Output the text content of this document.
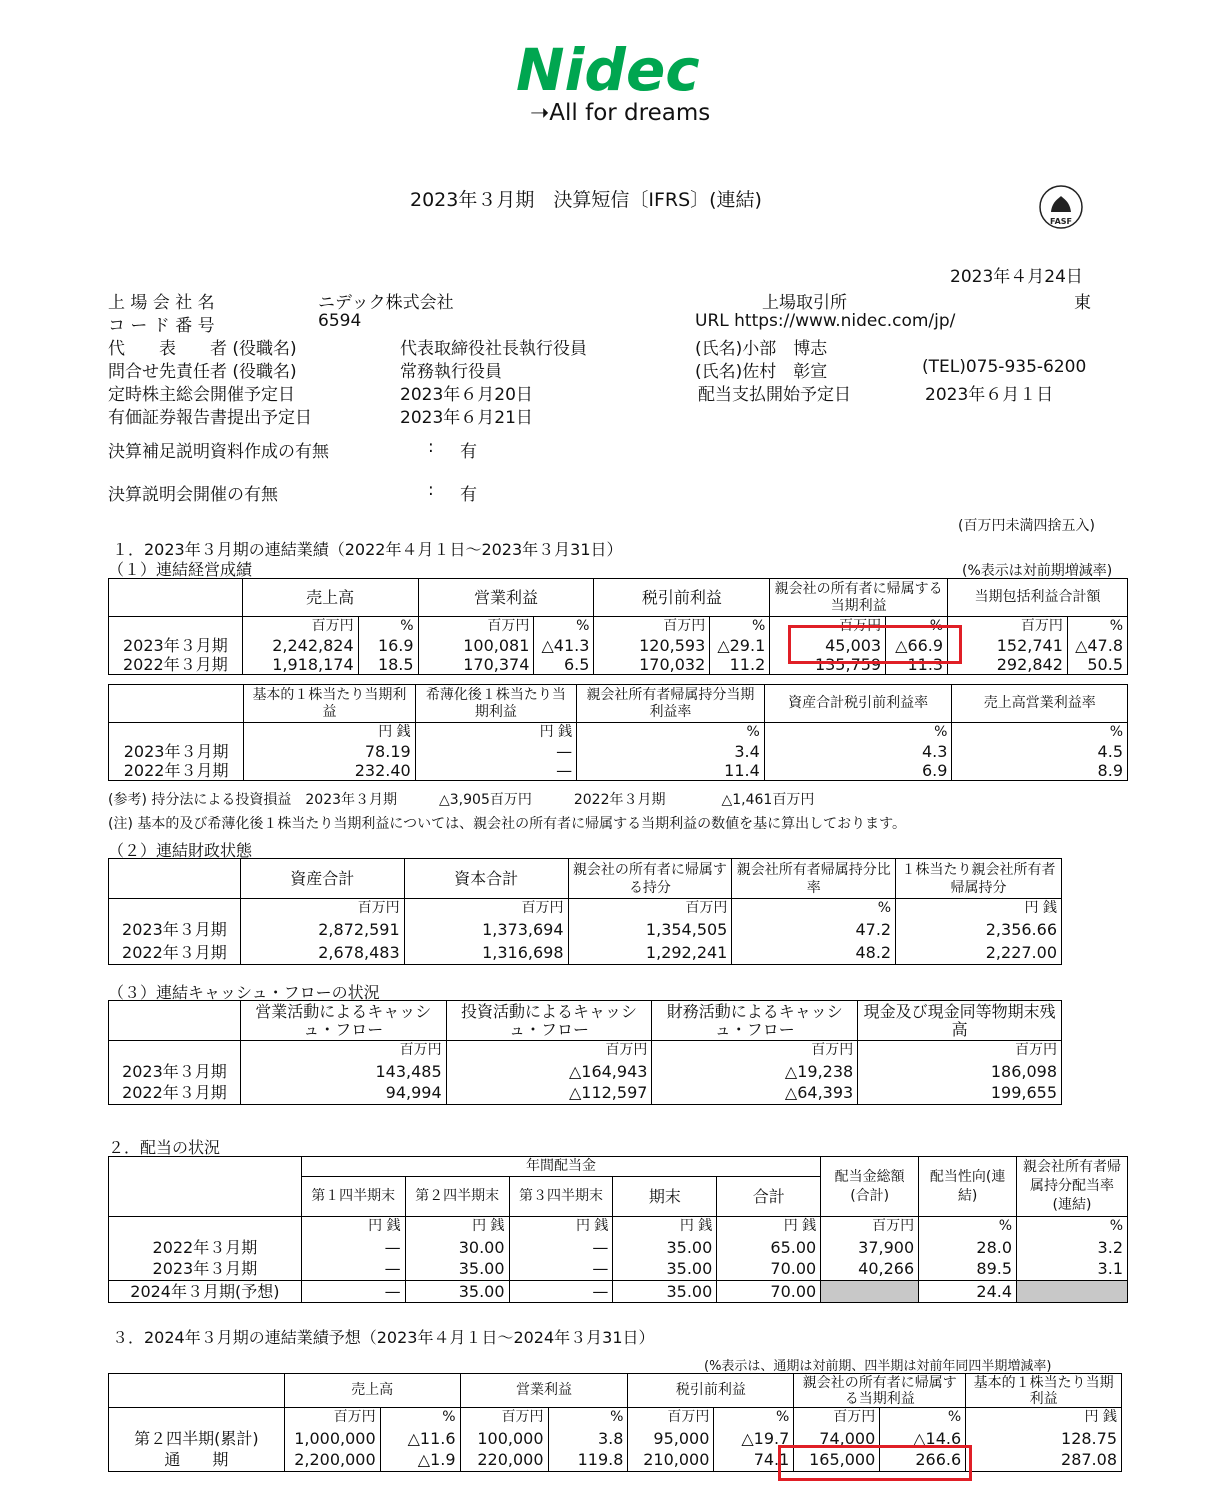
Nidec
➝All for dreams
2023年３月期　決算短信〔IFRS〕(連結)
FASF
2023年４月24日
上 場 会 社 名	ニデック株式会社	上場取引所	東
コ ー ド 番 号	6594	URL https://www.nidec.com/jp/
代　　表　　者 (役職名)	代表取締役社長執行役員	(氏名)小部　博志
問合せ先責任者 (役職名)	常務執行役員	(氏名)佐村　彰宣	(TEL)075-935-6200
定時株主総会開催予定日	2023年６月20日	配当支払開始予定日	2023年６月１日
有価証券報告書提出予定日	2023年６月21日
決算補足説明資料作成の有無	: 有
決算説明会開催の有無	: 有
(百万円未満四捨五入)
１．2023年３月期の連結業績（2022年４月１日～2023年３月31日）
（１）連結経営成績	(%表示は対前期増減率)
	売上高		営業利益		税引前利益		親会社の所有者に帰属する当期利益		当期包括利益合計額	
	百万円	%	百万円	%	百万円	%	百万円	%	百万円	%
2023年３月期	2,242,824	16.9	100,081	△41.3	120,593	△29.1	45,003	△66.9	152,741	△47.8
2022年３月期	1,918,174	18.5	170,374	6.5	170,032	11.2	135,759	11.3	292,842	50.5
	基本的１株当たり当期利益	希薄化後１株当たり当期利益	親会社所有者帰属持分当期利益率	資産合計税引前利益率	売上高営業利益率
	円 銭	円 銭	%	%	%
2023年３月期	78.19	—	3.4	4.3	4.5
2022年３月期	232.40	—	11.4	6.9	8.9
(参考) 持分法による投資損益　2023年３月期　　　△3,905百万円　　　2022年３月期　　　　△1,461百万円
(注) 基本的及び希薄化後１株当たり当期利益については、親会社の所有者に帰属する当期利益の数値を基に算出しております。
（２）連結財政状態
	資産合計	資本合計	親会社の所有者に帰属する持分	親会社所有者帰属持分比率	１株当たり親会社所有者帰属持分
	百万円	百万円	百万円	%	円 銭
2023年３月期	2,872,591	1,373,694	1,354,505	47.2	2,356.66
2022年３月期	2,678,483	1,316,698	1,292,241	48.2	2,227.00
（３）連結キャッシュ・フローの状況
	営業活動によるキャッシュ・フロー	投資活動によるキャッシュ・フロー	財務活動によるキャッシュ・フロー	現金及び現金同等物期末残高
	百万円	百万円	百万円	百万円
2023年３月期	143,485	△164,943	△19,238	186,098
2022年３月期	94,994	△112,597	△64,393	199,655
２．配当の状況
	年間配当金					配当金総額(合計)	配当性向(連結)	親会社所有者帰属持分配当率(連結)
	第１四半期末	第２四半期末	第３四半期末	期末	合計			
	円 銭	円 銭	円 銭	円 銭	円 銭	百万円	%	%
2022年３月期	—	30.00	—	35.00	65.00	37,900	28.0	3.2
2023年３月期	—	35.00	—	35.00	70.00	40,266	89.5	3.1
2024年３月期(予想)	—	35.00	—	35.00	70.00		24.4	
３．2024年３月期の連結業績予想（2023年４月１日～2024年３月31日）
(%表示は、通期は対前期、四半期は対前年同四半期増減率)
	売上高		営業利益		税引前利益		親会社の所有者に帰属する当期利益		基本的１株当たり当期利益
	百万円	%	百万円	%	百万円	%	百万円	%	円 銭
第２四半期(累計)	1,000,000	△11.6	100,000	3.8	95,000	△19.7	74,000	△14.6	128.75
通　　期	2,200,000	△1.9	220,000	119.8	210,000	74.1	165,000	266.6	287.08
